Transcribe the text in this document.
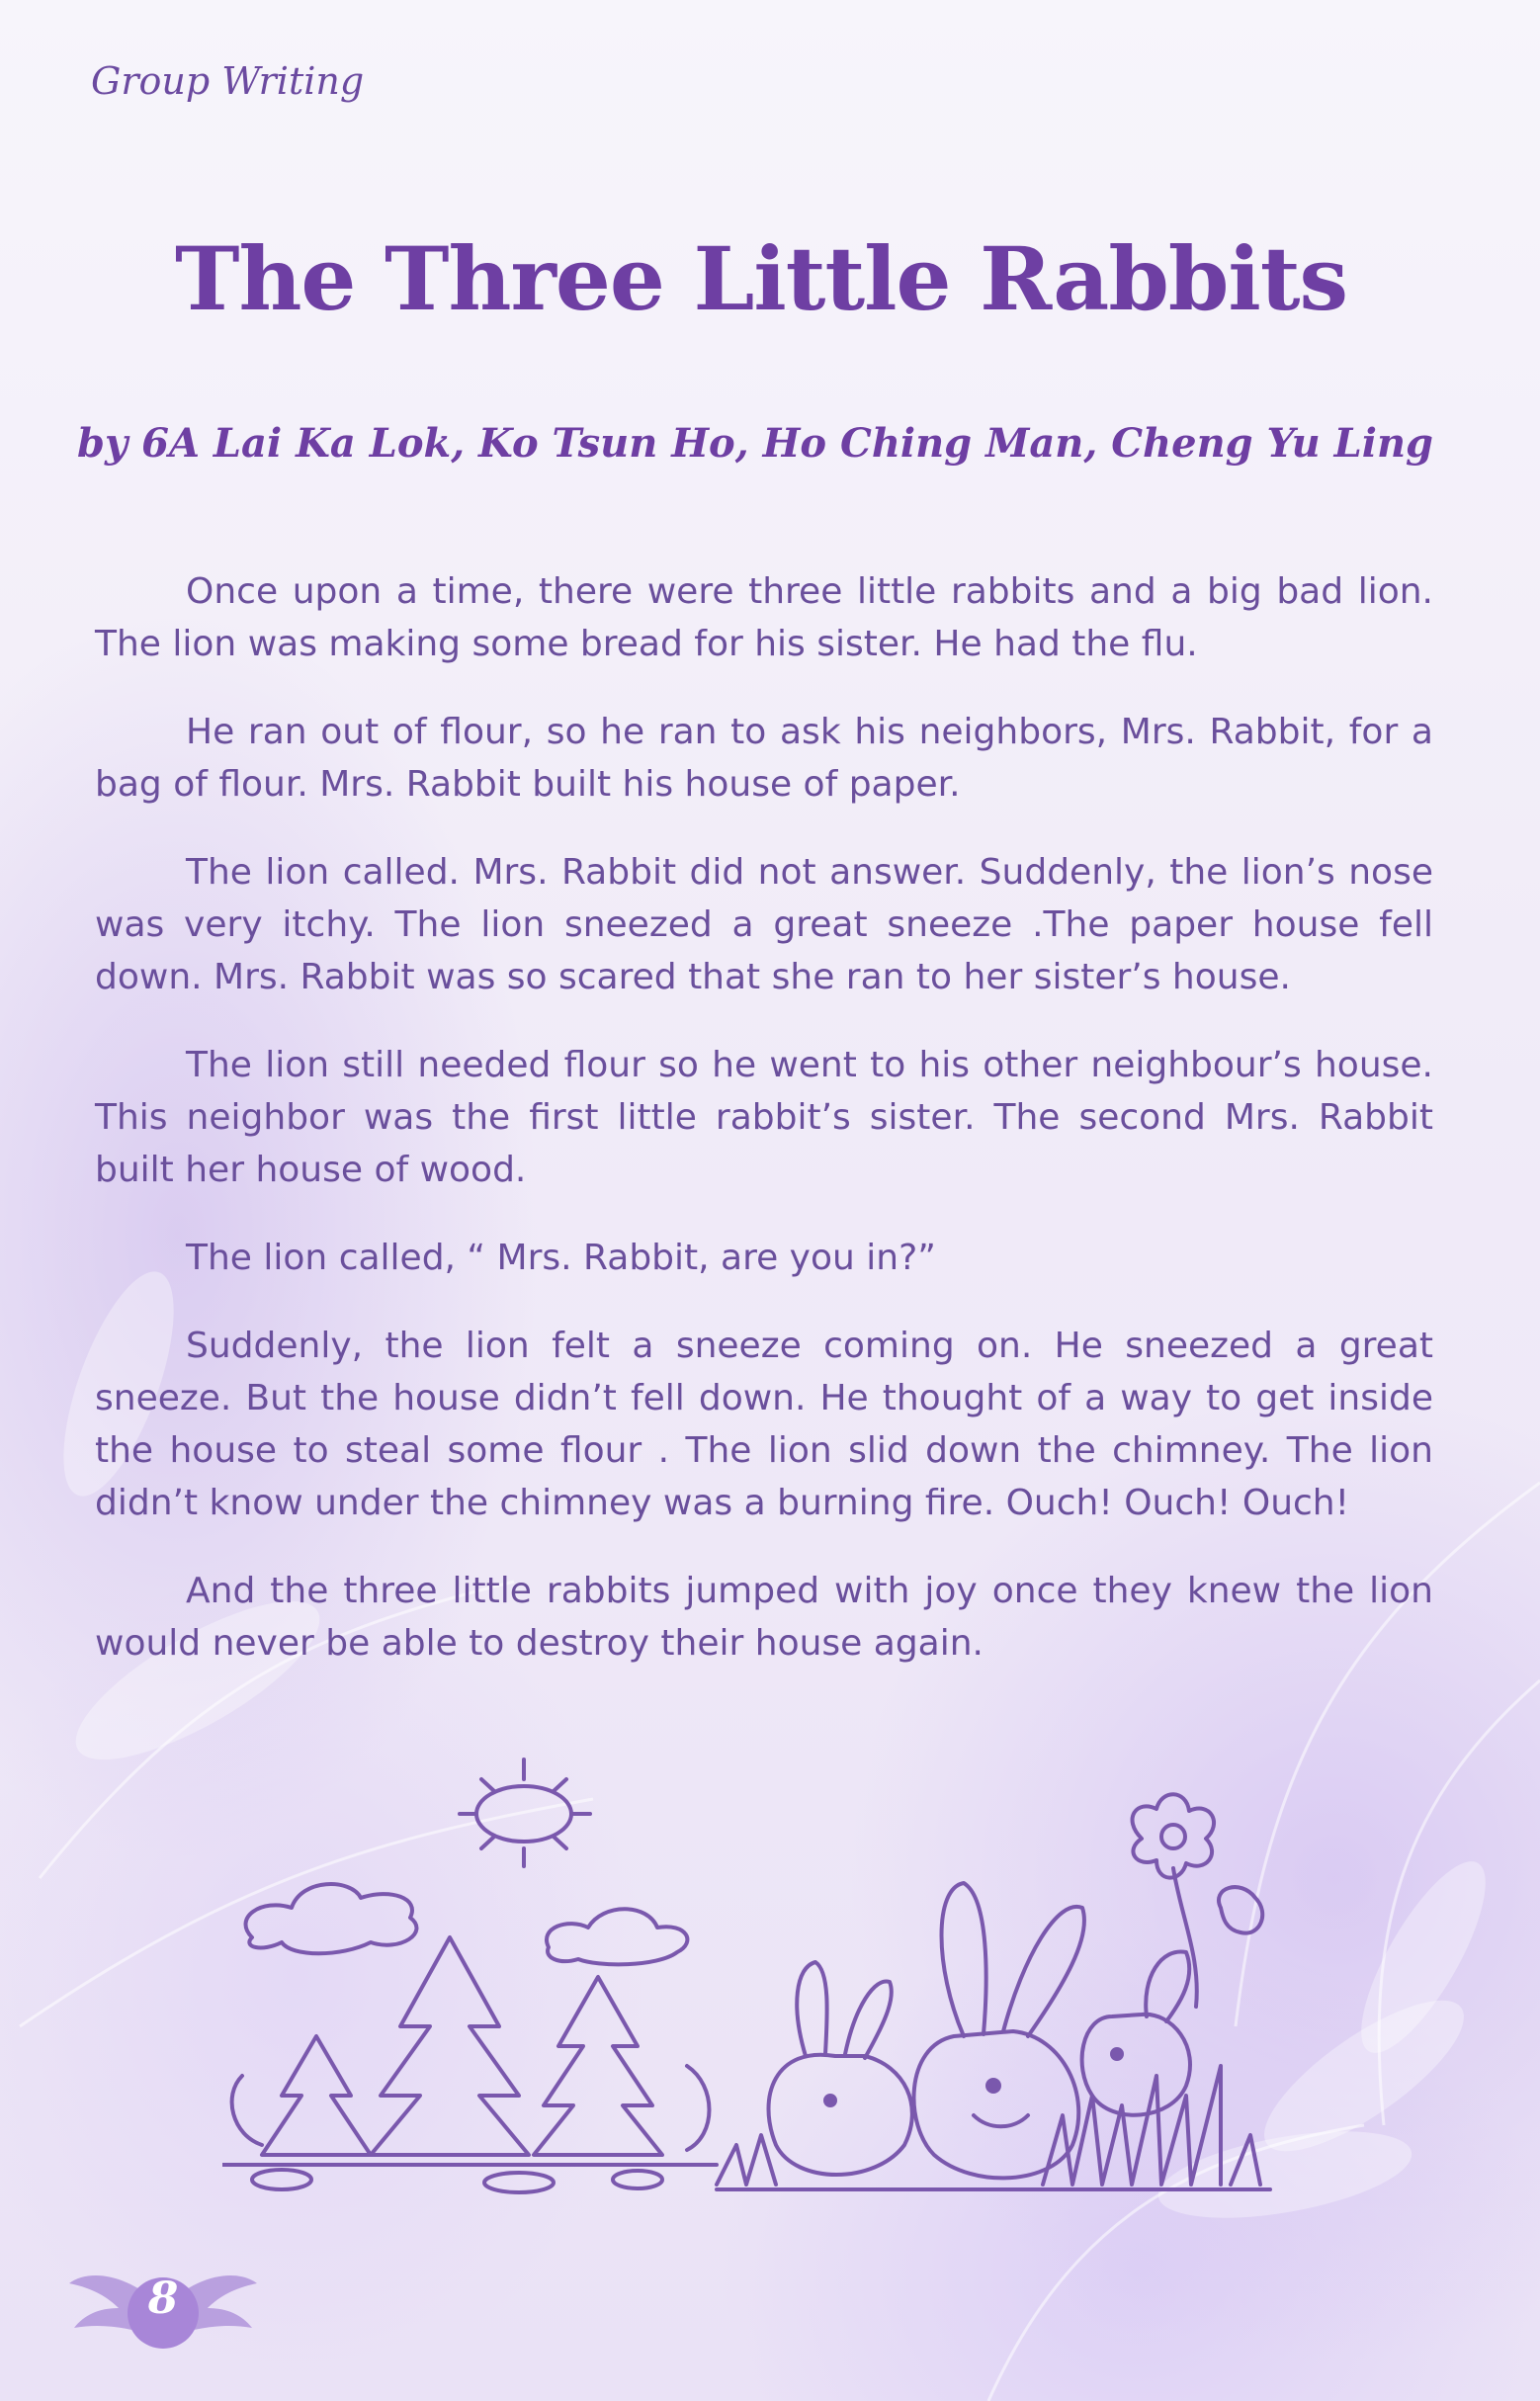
Group Writing
The Three Little Rabbits
by 6A Lai Ka Lok, Ko Tsun Ho, Ho Ching Man, Cheng Yu Ling

Once upon a time, there were three little rabbits and a big bad lion. The lion was making some bread for his sister. He had the flu.

He ran out of flour, so he ran to ask his neighbors, Mrs. Rabbit, for a bag of flour. Mrs. Rabbit built his house of paper.

The lion called. Mrs. Rabbit did not answer. Suddenly, the lion’s nose was very itchy. The lion sneezed a great sneeze .The paper house fell down. Mrs. Rabbit was so scared that she ran to her sister’s house.

The lion still needed flour so he went to his other neighbour’s house. This neighbor was the first little rabbit’s sister. The second Mrs. Rabbit built her house of wood.

The lion called, “ Mrs. Rabbit, are you in?”

Suddenly, the lion felt a sneeze coming on. He sneezed a great sneeze. But the house didn’t fell down. He thought of a way to get inside the house to steal some flour . The lion slid down the chimney. The lion didn’t know under the chimney was a burning fire. Ouch! Ouch! Ouch!

And the three little rabbits jumped with joy once they knew the lion would never be able to destroy their house again.

8
